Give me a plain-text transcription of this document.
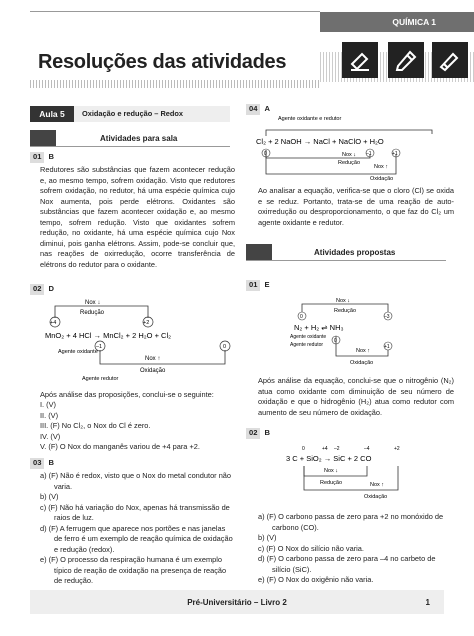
QUÍMICA 1
Resoluções das atividades
Aula 5	Oxidação e redução – Redox
Atividades para sala
01 B
Redutores são substâncias que fazem acontecer redução e, ao mesmo tempo, sofrem oxidação. Visto que redutores sofrem oxidação, no redutor, há uma espécie química cujo Nox aumenta, pois perde elétrons. Oxidantes são substâncias que fazem acontecer oxidação e, ao mesmo tempo, sofrem redução. Visto que oxidantes sofrem redução, no oxidante, há uma espécie química cujo Nox diminui, pois ganha elétrons. Assim, pode-se concluir que, nas reações de oxirredução, ocorre transferência de elétrons do redutor para o oxidante.
02 D
+4	+2
–1	0
Nox ↓
Redução
MnO₂ + 4 HCl → MnCl₂ + 2 H₂O + Cl₂
Nox ↑
Oxidação
Agente oxidante
Agente redutor
Após análise das proposições, conclui-se o seguinte:
I. (V)
II. (V)
III. (F) No Cl₂, o Nox do Cl é zero.
IV. (V)
V. (F) O Nox do manganês variou de +4 para +2.
03 B
a) (F) Não é redox, visto que o Nox do metal condutor não varia.
b) (V)
c) (F) Não há variação do Nox, apenas há transmissão de raios de luz.
d) (F) A ferrugem que aparece nos portões e nas janelas de ferro é um exemplo de reação química de oxidação e redução (redox).
e) (F) O processo da respiração humana é um exemplo típico de reação de oxidação na presença de reação de redução.
04 A
Agente oxidante e redutor
Cl₂ + 2 NaOH → NaCl + NaClO + H₂O
0	–1	+1
Nox ↓
Redução
Nox ↑
Oxidação
Ao analisar a equação, verifica-se que o cloro (Cl) se oxida e se reduz. Portanto, trata-se de uma reação de auto-oxirredução ou desproporcionamento, o que faz do Cl₂ um agente oxidante e redutor.
Atividades propostas
01 E
0	–3
0
+1
Nox ↓
Redução
N₂ + H₂ ⇌ NH₃
Nox ↑
Oxidação
Agente oxidante
Agente redutor
Após análise da equação, conclui-se que o nitrogênio (N₂) atua como oxidante com diminuição de seu número de oxidação e que o hidrogênio (H₂) atua como redutor com aumento de seu número de oxidação.
02 B
0	+4 –2	–4	+2
3 C + SiO₂ → SiC + 2 CO
Nox ↓
Redução	Nox ↑
Oxidação
a) (F) O carbono passa de zero para +2 no monóxido de carbono (CO).
b) (V)
c) (F) O Nox do silício não varia.
d) (F) O carbono passa de zero para –4 no carbeto de silício (SiC).
e) (F) O Nox do oxigênio não varia.
Pré-Universitário – Livro 2	1
